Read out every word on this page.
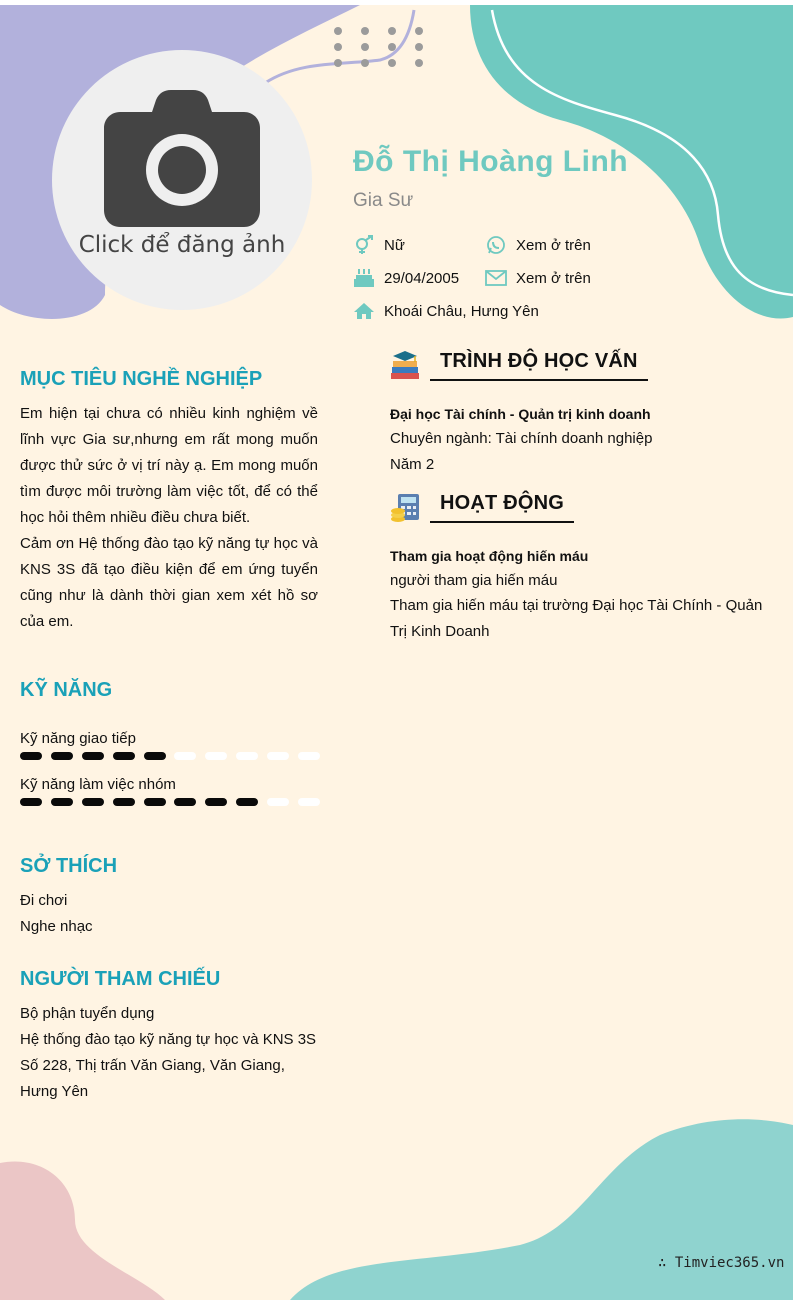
Click để đăng ảnh
Đỗ Thị Hoàng Linh
Gia Sư
Nữ	Xem ở trên
29/04/2005	Xem ở trên
Khoái Châu, Hưng Yên
MỤC TIÊU NGHỀ NGHIỆP

Em hiện tại chưa có nhiều kinh nghiệm về lĩnh vực Gia sư,nhưng em rất mong muốn được thử sức ở vị trí này ạ. Em mong muốn tìm được môi trường làm việc tốt, để có thể học hỏi thêm nhiều điều chưa biết.

Cảm ơn Hệ thống đào tạo kỹ năng tự học và KNS 3S đã tạo điều kiện để em ứng tuyển cũng như là dành thời gian xem xét hồ sơ của em.

KỸ NĂNG
Kỹ năng giao tiếp
Kỹ năng làm việc nhóm
SỞ THÍCH
Đi chơi
Nghe nhạc
NGƯỜI THAM CHIẾU
Bộ phận tuyển dụng
Hệ thống đào tạo kỹ năng tự học và KNS 3S
Số 228, Thị trấn Văn Giang, Văn Giang, Hưng Yên
TRÌNH ĐỘ HỌC VẤN
Đại học Tài chính - Quản trị kinh doanh
Chuyên ngành: Tài chính doanh nghiệp
Năm 2
HOẠT ĐỘNG
Tham gia hoạt động hiến máu
người tham gia hiến máu

Tham gia hiến máu tại trường Đại học Tài Chính - Quản Trị Kinh Doanh

∴ Timviec365.vn
